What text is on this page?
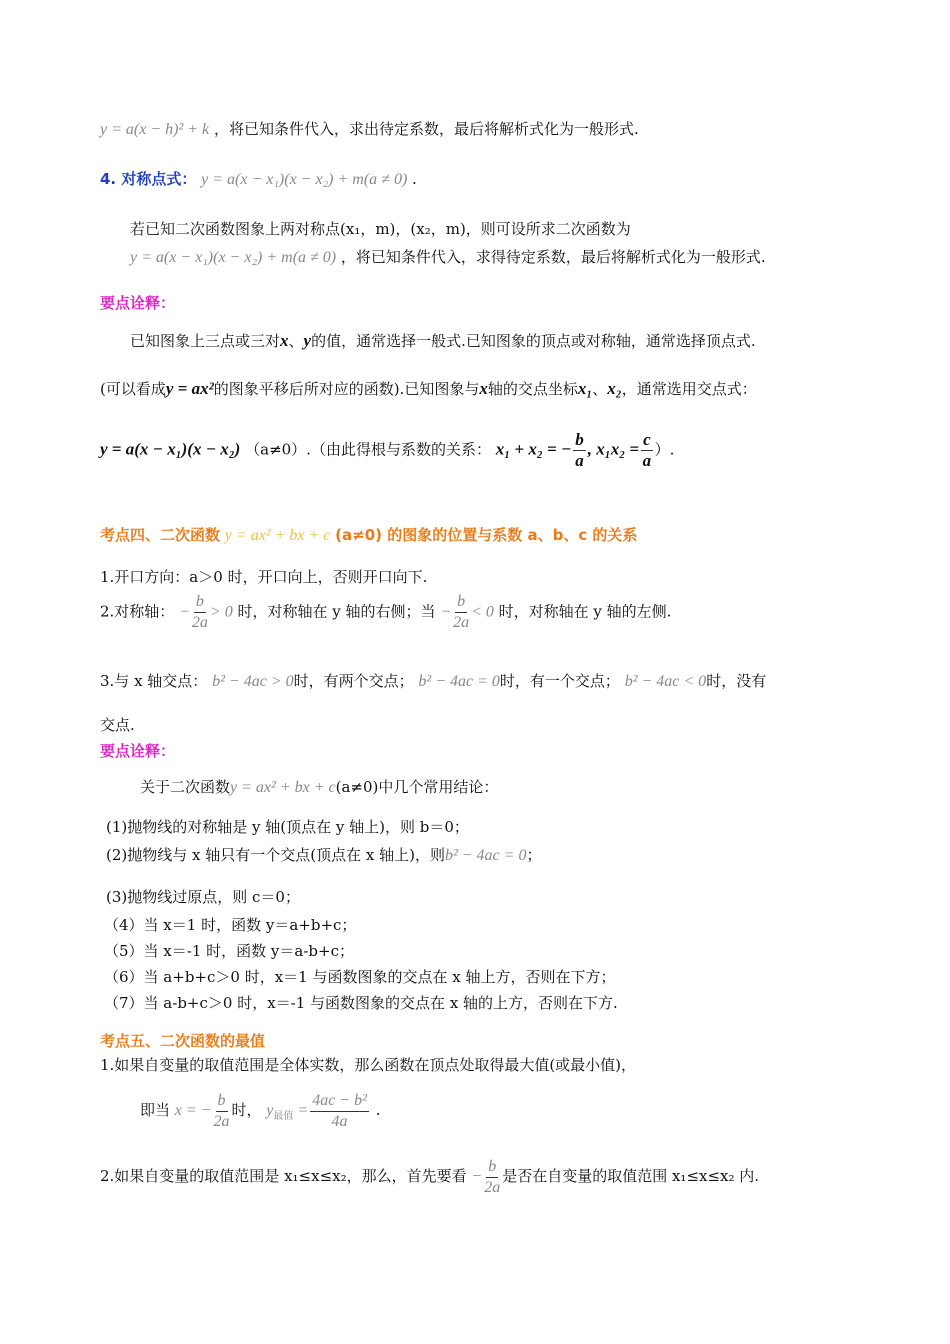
y = a(x − h)² + k ，将已知条件代入，求出待定系数，最后将解析式化为一般形式.
4. 对称点式： y = a(x − x₁)(x − x₂) + m(a ≠ 0) .
若已知二次函数图象上两对称点(x₁，m)，(x₂，m)，则可设所求二次函数为
y = a(x − x₁)(x − x₂) + m(a ≠ 0) ，将已知条件代入，求得待定系数，最后将解析式化为一般形式.
要点诠释：
已知图象上三点或三对x、y的值，通常选择一般式.已知图象的顶点或对称轴，通常选择顶点式.
(可以看成y = ax²的图象平移后所对应的函数).已知图象与x轴的交点坐标x₁、x₂，通常选用交点式：
y = a(x − x₁)(x − x₂) （a≠0）.（由此得根与系数的关系： x₁ + x₂ = − $\frac{b}{a}$ , $x_1x_2 = \frac{c}{a}$ ）.
考点四、二次函数 y = ax² + bx + c (a≠0) 的图象的位置与系数 a、b、c 的关系
1.开口方向：a＞0 时，开口向上，否则开口向下.
2.对称轴： − $\frac{b}{2a} > 0$ 时，对称轴在 y 轴的右侧；当 − $\frac{b}{2a} < 0$ 时，对称轴在 y 轴的左侧.
3.与 x 轴交点： b² − 4ac > 0时，有两个交点； b² − 4ac = 0时，有一个交点； b² − 4ac < 0时，没有
交点.
要点诠释：
关于二次函数y = ax² + bx + c(a≠0)中几个常用结论：
(1)抛物线的对称轴是 y 轴(顶点在 y 轴上)，则 b＝0；
(2)抛物线与 x 轴只有一个交点(顶点在 x 轴上)，则b² − 4ac = 0；
(3)抛物线过原点，则 c＝0；
（4）当 x＝1 时，函数 y＝a+b+c；
（5）当 x＝-1 时，函数 y＝a-b+c；
（6）当 a+b+c＞0 时，x＝1 与函数图象的交点在 x 轴上方，否则在下方；
（7）当 a-b+c＞0 时，x＝-1 与函数图象的交点在 x 轴的上方，否则在下方.
考点五、二次函数的最值
1.如果自变量的取值范围是全体实数，那么函数在顶点处取得最大值(或最小值)，
即当 x = − $\frac{b}{2a}$ 时， $y_{最值} = \frac{\text{4ac − b²}}{4a}$ .
2.如果自变量的取值范围是 x₁≤x≤x₂，那么，首先要看 − $\frac{b}{2a}$ 是否在自变量的取值范围 x₁≤x≤x₂ 内.
